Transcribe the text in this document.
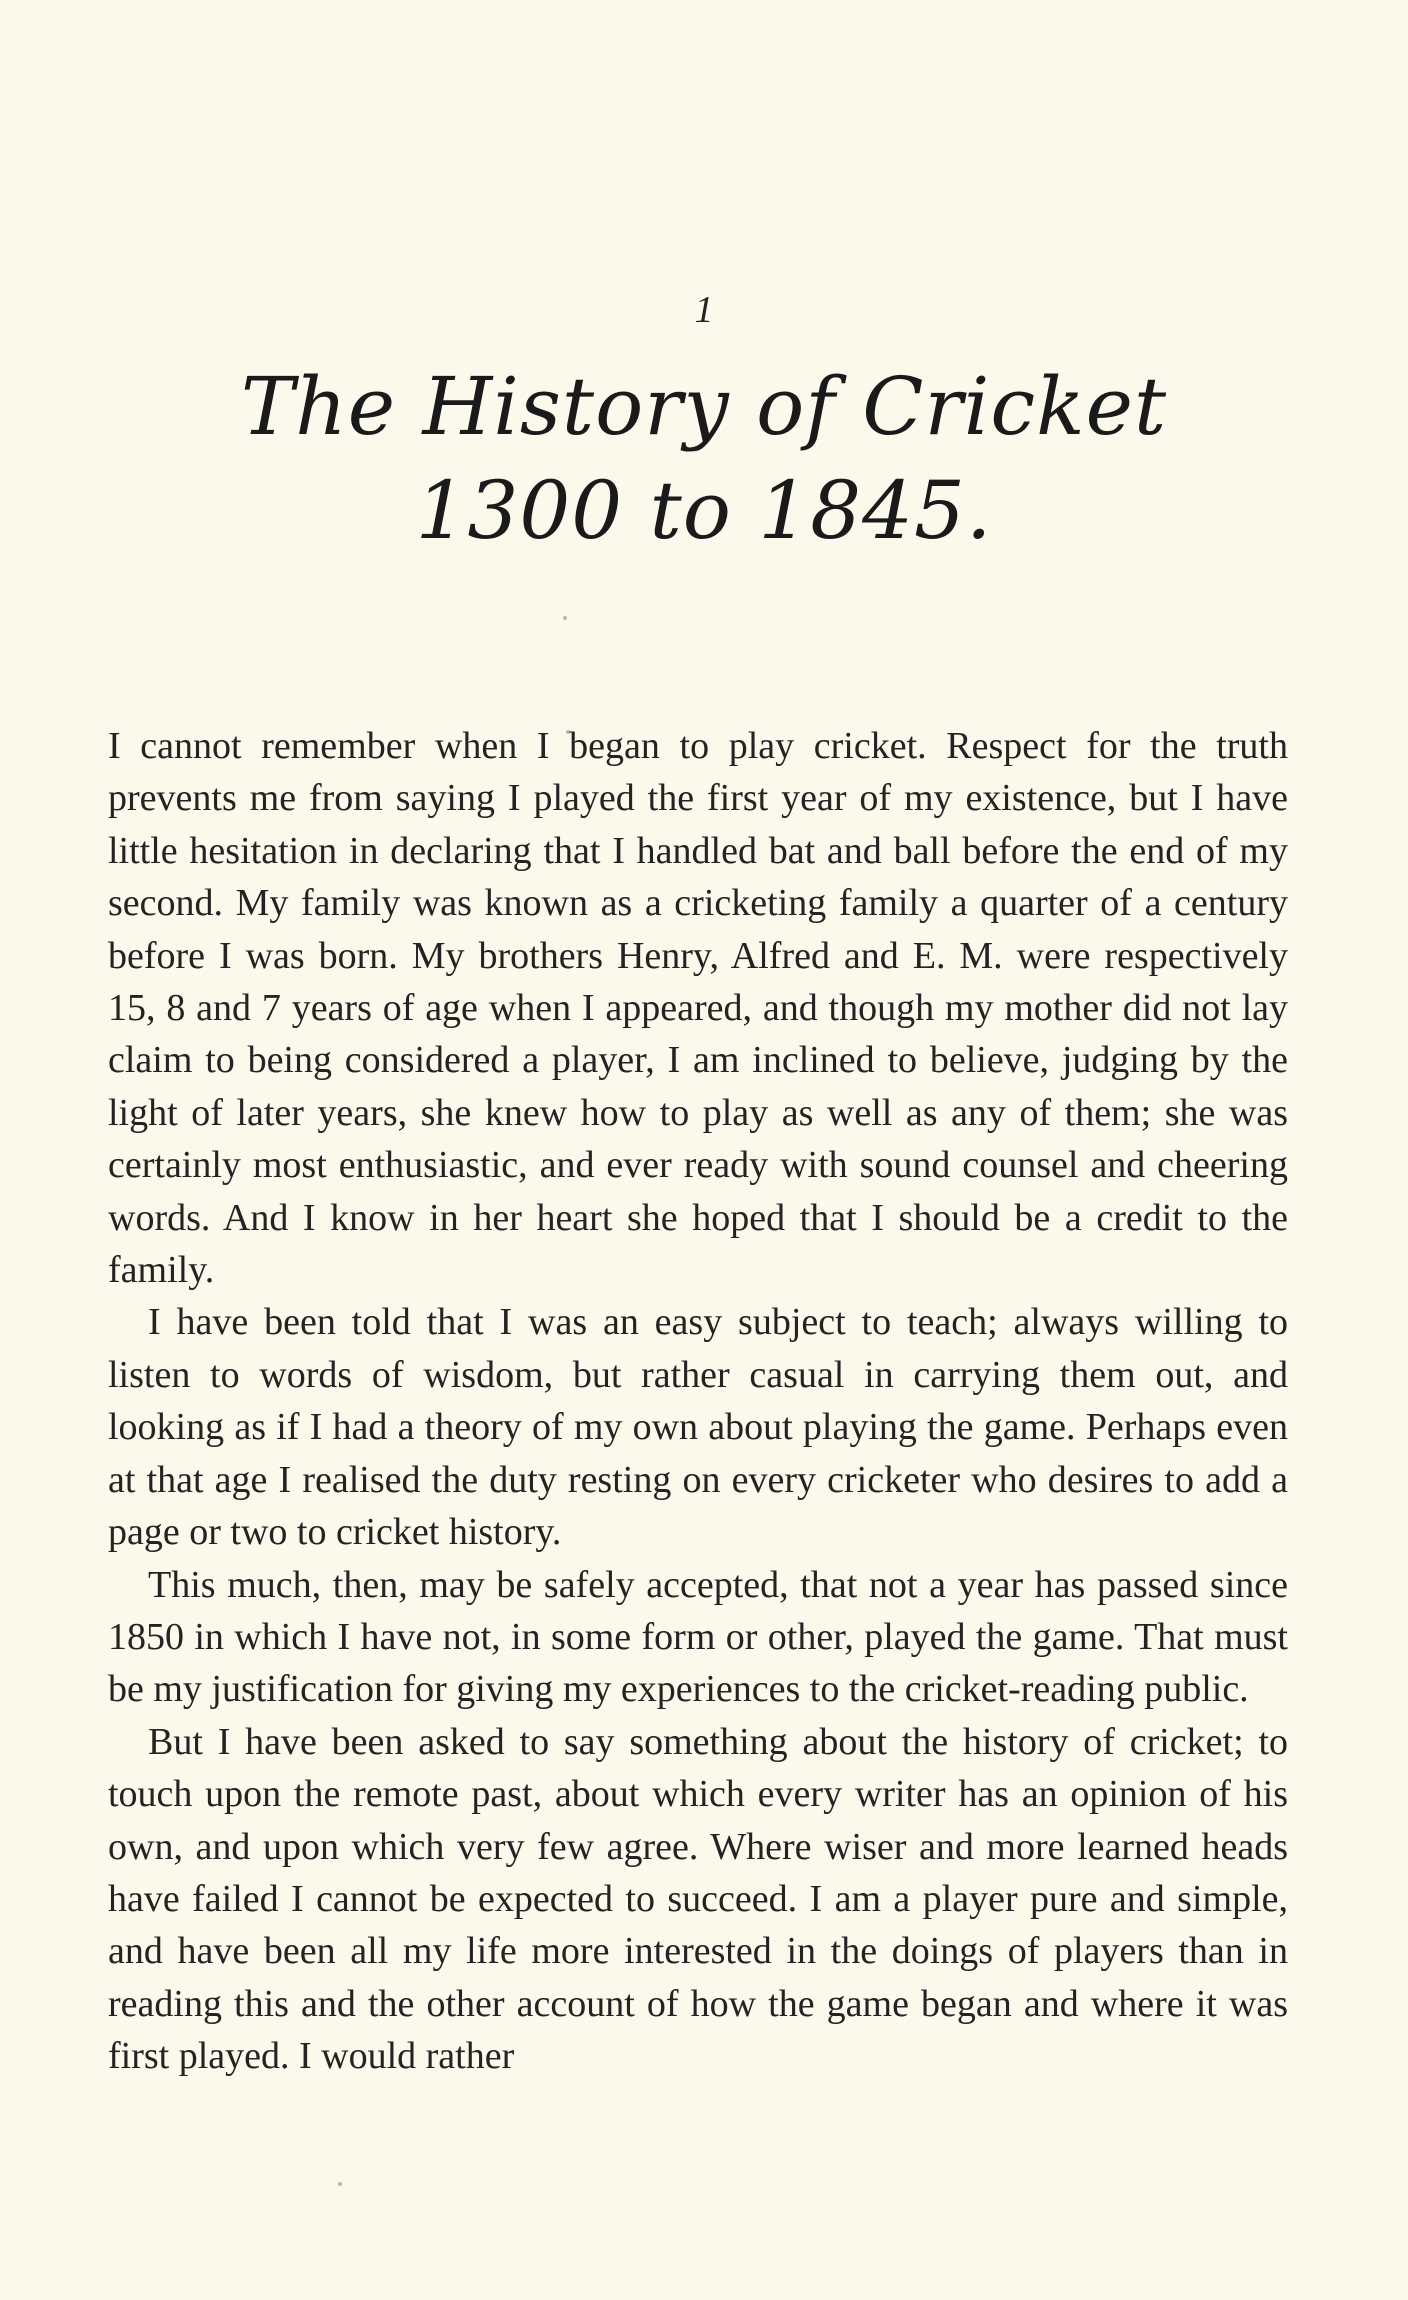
1
The History of Cricket
1300 to 1845.

I cannot remember when I began to play cricket. Respect for the truth prevents me from saying I played the first year of my existence, but I have little hesitation in declaring that I handled bat and ball before the end of my second. My family was known as a cricketing family a quarter of a century before I was born. My brothers Henry, Alfred and E. M. were respectively 15, 8 and 7 years of age when I appeared, and though my mother did not lay claim to being considered a player, I am inclined to believe, judging by the light of later years, she knew how to play as well as any of them; she was certainly most enthusiastic, and ever ready with sound counsel and cheering words. And I know in her heart she hoped that I should be a credit to the family.

I have been told that I was an easy subject to teach; always willing to listen to words of wisdom, but rather casual in carrying them out, and looking as if I had a theory of my own about playing the game. Perhaps even at that age I realised the duty resting on every cricketer who desires to add a page or two to cricket history.

This much, then, may be safely accepted, that not a year has passed since 1850 in which I have not, in some form or other, played the game. That must be my justification for giving my experiences to the cricket-reading public.

But I have been asked to say something about the history of cricket; to touch upon the remote past, about which every writer has an opinion of his own, and upon which very few agree. Where wiser and more learned heads have failed I cannot be expected to succeed. I am a player pure and simple, and have been all my life more interested in the doings of players than in reading this and the other account of how the game began and where it was first played. I would rather
